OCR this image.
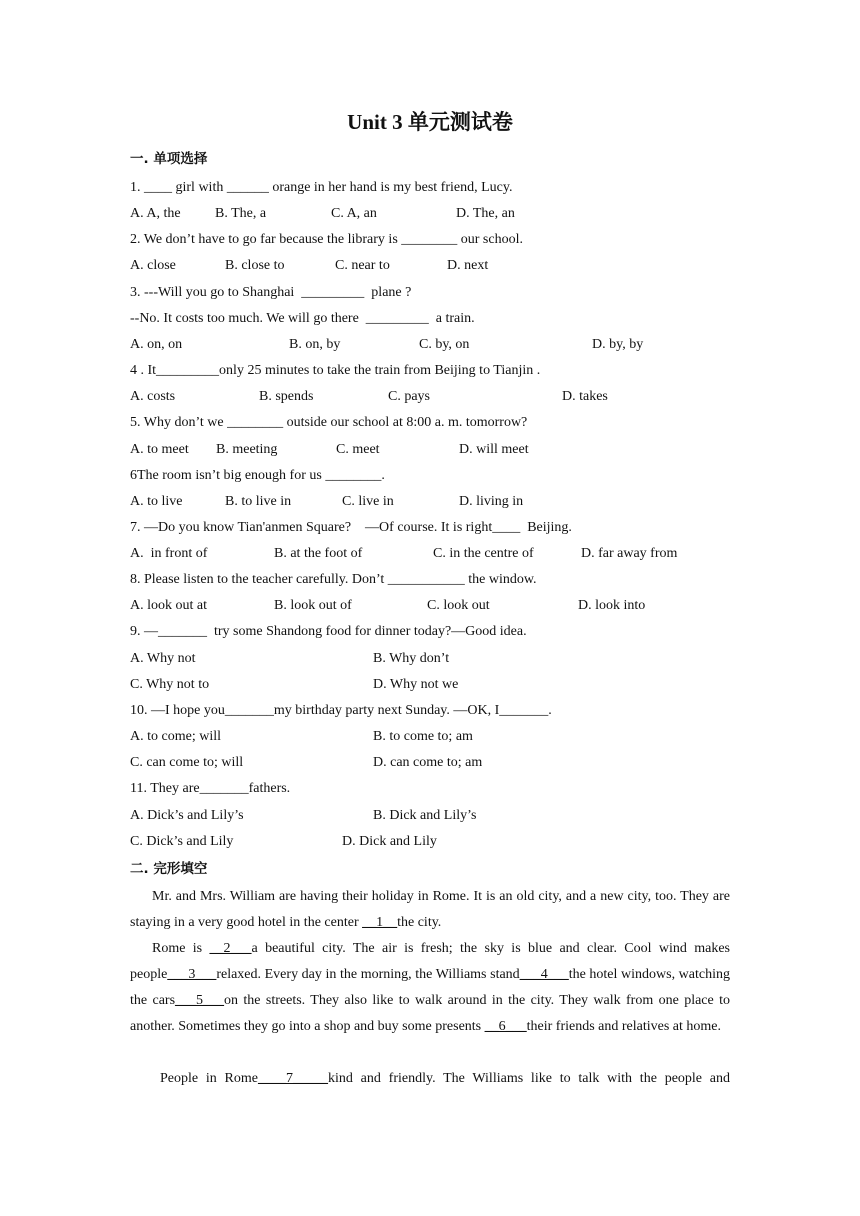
Unit 3 单元测试卷
一. 单项选择
1. ____ girl with ______ orange in her hand is my best friend, Lucy.
A. A, the B. The, a	C. A, an	D. The, an
2. We don’t have to go far because the library is ________ our school.
A. close	B. close to	C. near to	D. next
3. ---Will you go to Shanghai  _________  plane ?
--No. It costs too much. We will go there  _________  a train.
A. on, on	B. on, by	C. by, on	D. by, by
4 . It_________only 25 minutes to take the train from Beijing to Tianjin .
A. costs	B. spends	C. pays	D. takes
5. Why don’t we ________ outside our school at 8:00 a. m. tomorrow?
A. to meet B. meeting	C. meet	D. will meet
6The room isn’t big enough for us ________.
A. to live	B. to live in	C. live in	D. living in
7. —Do you know Tian'anmen Square?    —Of course. It is right____  Beijing.
A.  in front of	B. at the foot of	C. in the centre of	D. far away from
8. Please listen to the teacher carefully. Don’t ___________ the window.
A. look out at	B. look out of	C. look out	D. look into
9. —_______  try some Shandong food for dinner today?—Good idea.
A. Why not	B. Why don’t
C. Why not to	D. Why not we
10. —I hope you_______my birthday party next Sunday. —OK, I_______.
A. to come; will	B. to come to; am
C. can come to; will	D. can come to; am
11. They are_______fathers.
A. Dick’s and Lily’s	B. Dick and Lily’s
C. Dick’s and Lily	D. Dick and Lily
二. 完形填空
Mr. and Mrs. William are having their holiday in Rome. It is an old city, and a new city, too. They are staying in a very good hotel in the center __1__the city.
Rome is __2___a beautiful city. The air is fresh; the sky is blue and clear. Cool wind makes people___3___relaxed. Every day in the morning, the Williams stand___4___the hotel windows, watching the cars___5___on the streets. They also like to walk around in the city. They walk from one place to another. Sometimes they go into a shop and buy some presents __6___their friends and relatives at home.
People in Rome____7_____kind and friendly. The Williams like to talk with the people and
